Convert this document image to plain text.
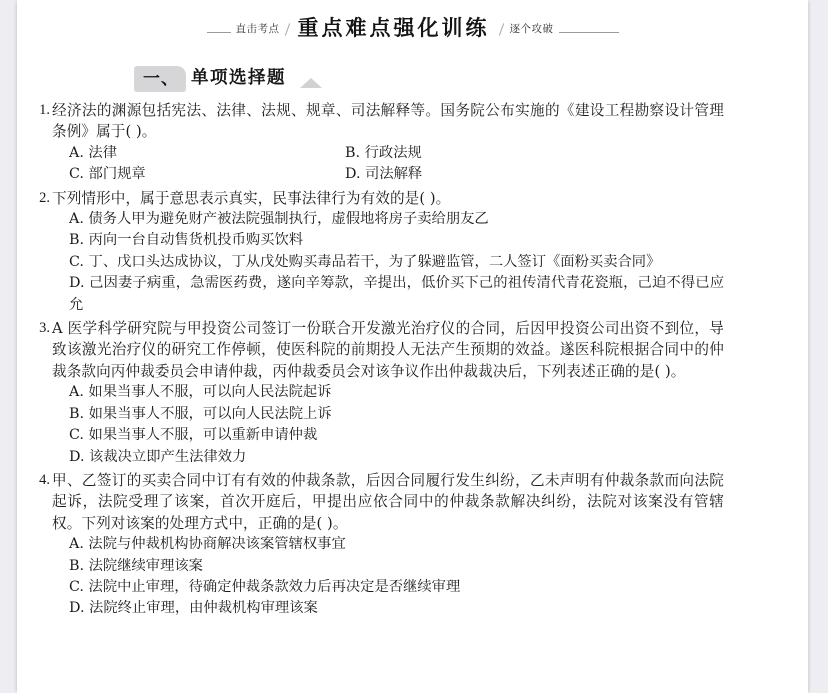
直击考点 重点难点强化训练 逐个攻破
一、 单项选择题
1. 经济法的渊源包括宪法、法律、法规、规章、司法解释等。国务院公布实施的《建设工程勘察设计管理条例》属于( )。
A. 法律	B. 行政法规
C. 部门规章	D. 司法解释
2. 下列情形中，属于意思表示真实，民事法律行为有效的是( )。
A. 债务人甲为避免财产被法院强制执行，虚假地将房子卖给朋友乙
B. 丙向一台自动售货机投币购买饮料
C. 丁、戊口头达成协议，丁从戊处购买毒品若干，为了躲避监管，二人签订《面粉买卖合同》
D. 己因妻子病重，急需医药费，遂向辛筹款，辛提出，低价买下己的祖传清代青花瓷瓶，己迫不得已应允
3. A 医学科学研究院与甲投资公司签订一份联合开发激光治疗仪的合同，后因甲投资公司出资不到位，导致该激光治疗仪的研究工作停顿，使医科院的前期投人无法产生预期的效益。遂医科院根据合同中的仲裁条款向丙仲裁委员会申请仲裁，丙仲裁委员会对该争议作出仲裁裁决后，下列表述正确的是( )。
A. 如果当事人不服，可以向人民法院起诉
B. 如果当事人不服，可以向人民法院上诉
C. 如果当事人不服，可以重新申请仲裁
D. 该裁决立即产生法律效力
4. 甲、乙签订的买卖合同中订有有效的仲裁条款，后因合同履行发生纠纷，乙未声明有仲裁条款而向法院起诉，法院受理了该案，首次开庭后，甲提出应依合同中的仲裁条款解决纠纷，法院对该案没有管辖权。下列对该案的处理方式中，正确的是( )。
A. 法院与仲裁机构协商解决该案管辖权事宜
B. 法院继续审理该案
C. 法院中止审理，待确定仲裁条款效力后再决定是否继续审理
D. 法院终止审理，由仲裁机构审理该案
